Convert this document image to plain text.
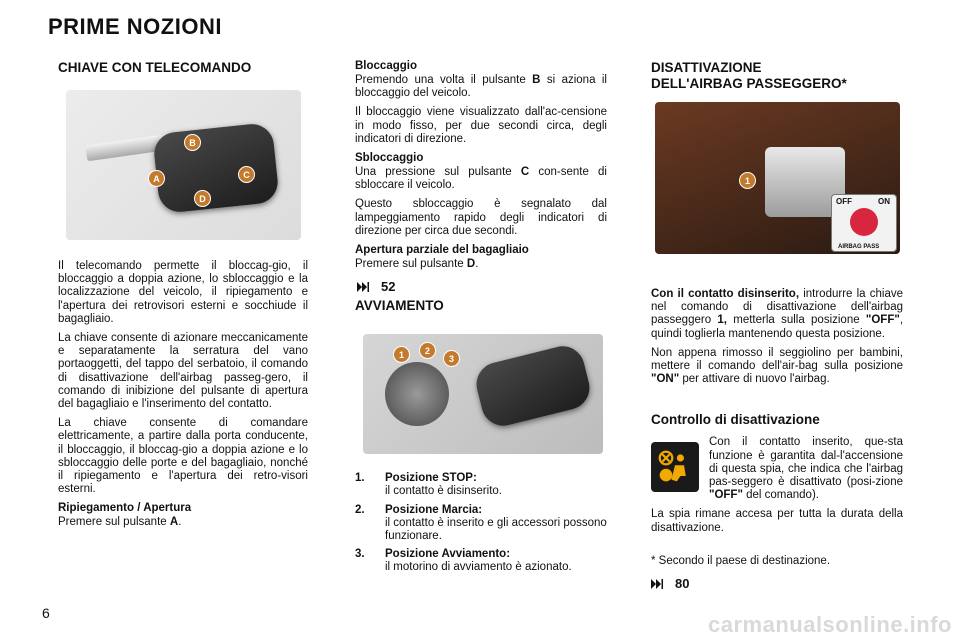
PRIME NOZIONI
CHIAVE CON TELECOMANDO
B
A	C
D

Il telecomando permette il bloccag-gio, il bloccaggio a doppia azione, lo sbloccaggio e la localizzazione del veicolo, il ripiegamento e l'apertura dei retrovisori esterni e socchiude il bagagliaio.

La chiave consente di azionare meccanicamente e separatamente la serratura del vano portaoggetti, del tappo del serbatoio, il comando di disattivazione dell'airbag passeg-gero, il comando di inibizione del pulsante di apertura del bagagliaio e l'inserimento del contatto.

La chiave consente di comandare elettricamente, a partire dalla porta conducente, il bloccaggio, il bloccag-gio a doppia azione e lo sbloccaggio delle porte e del bagagliaio, nonché il ripiegamento e l'apertura dei retro-visori esterni.

Ripiegamento / Apertura

Premere sul pulsante A.

Bloccaggio

Premendo una volta il pulsante B si aziona il bloccaggio del veicolo.

Il bloccaggio viene visualizzato dall'ac-censione in modo fisso, per due secondi circa, degli indicatori di direzione.

Sbloccaggio

Una pressione sul pulsante C con-sente di sbloccare il veicolo.

Questo sbloccaggio è segnalato dal lampeggiamento rapido degli indicatori di direzione per circa due secondi.

Apertura parziale del bagagliaio

Premere sul pulsante D.

52
AVVIAMENTO
1	2
3
1.	Posizione STOP:
il contatto è disinserito.
2.	Posizione Marcia:
il contatto è inserito e gli accessori possono funzionare.
3.	Posizione Avviamento:
il motorino di avviamento è azionato.
DISATTIVAZIONE
DELL'AIRBAG PASSEGGERO*
1
OFF	ON
AIRBAG PASS

Con il contatto disinserito, introdurre la chiave nel comando di disattivazione dell'airbag passeggero 1, metterla sulla posizione "OFF", quindi toglierla mantenendo questa posizione.

Non appena rimosso il seggiolino per bambini, mettere il comando dell'air-bag sulla posizione "ON" per attivare di nuovo l'airbag.

Controllo di disattivazione

Con il contatto inserito, que-sta funzione è garantita dal-l'accensione di questa spia, che indica che l'airbag pas-seggero è disattivato (posi-zione "OFF" del comando).

La spia rimane accesa per tutta la durata della disattivazione.

* Secondo il paese di destinazione.

80
6	carmanualsonline.info
